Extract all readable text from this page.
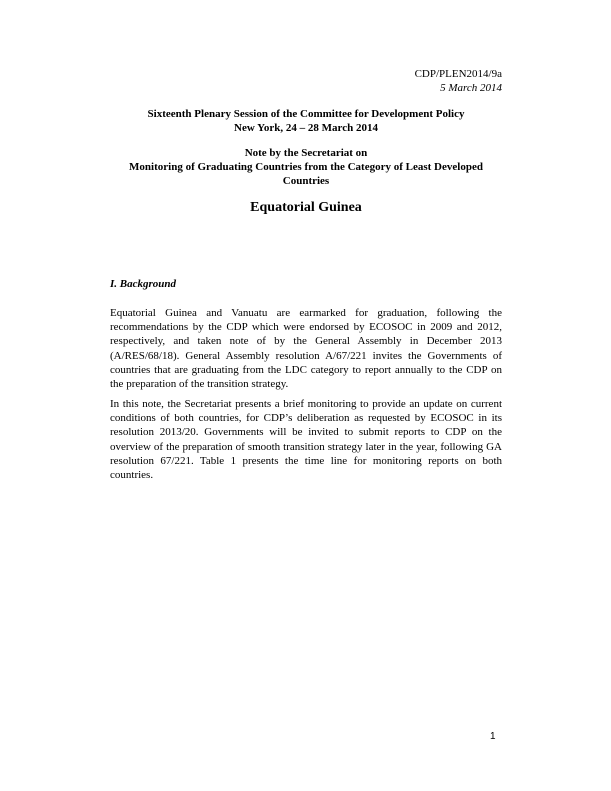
CDP/PLEN2014/9a
5 March 2014
Sixteenth Plenary Session of the Committee for Development Policy
New York, 24 – 28 March 2014
Note by the Secretariat on
Monitoring of Graduating Countries from the Category of Least Developed
Countries
Equatorial Guinea
I. Background

Equatorial Guinea and Vanuatu are earmarked for graduation, following the recommendations by the CDP which were endorsed by ECOSOC in 2009 and 2012, respectively, and taken note of by the General Assembly in December 2013 (A/RES/68/18). General Assembly resolution A/67/221 invites the Governments of countries that are graduating from the LDC category to report annually to the CDP on the preparation of the transition strategy.

In this note, the Secretariat presents a brief monitoring to provide an update on current conditions of both countries, for CDP’s deliberation as requested by ECOSOC in its resolution 2013/20. Governments will be invited to submit reports to CDP on the overview of the preparation of smooth transition strategy later in the year, following GA resolution 67/221. Table 1 presents the time line for monitoring reports on both countries.

1
